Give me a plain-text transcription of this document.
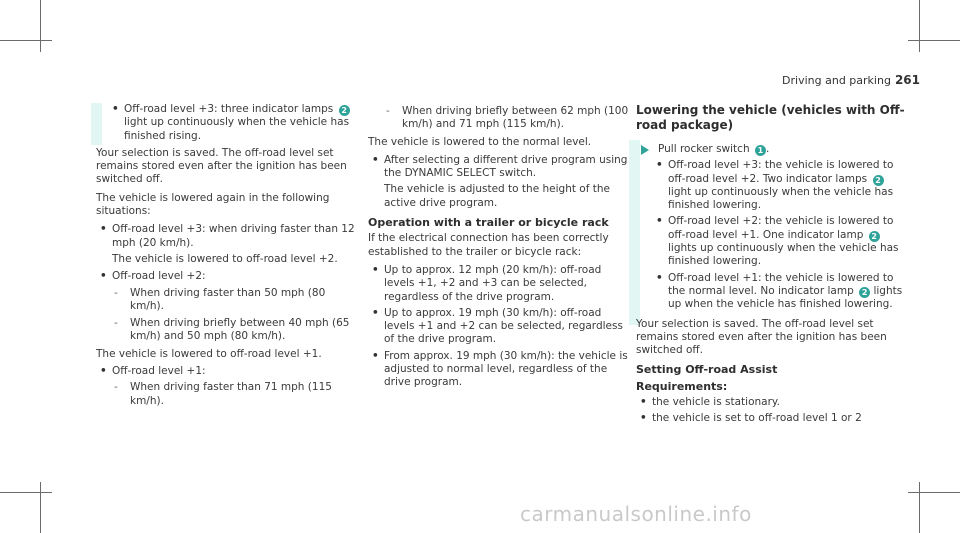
Driving and parking 261
• Off-road level +3: three indicator lamps 2 light up continuously when the vehicle has finished rising.

Your selection is saved. The off-road level set remains stored even after the ignition has been switched off.

The vehicle is lowered again in the following situations:

• Off-road level +3: when driving faster than 12 mph (20 km/h).
The vehicle is lowered to off-road level +2.
• Off-road level +2:
- When driving faster than 50 mph (80 km/h).
- When driving briefly between 40 mph (65 km/h) and 50 mph (80 km/h).
The vehicle is lowered to off-road level +1.
• Off-road level +1:
- When driving faster than 71 mph (115 km/h).
- When driving briefly between 62 mph (100 km/h) and 71 mph (115 km/h).

The vehicle is lowered to the normal level.

• After selecting a different drive program using the DYNAMIC SELECT switch.
The vehicle is adjusted to the height of the active drive program.
Operation with a trailer or bicycle rack

If the electrical connection has been correctly established to the trailer or bicycle rack:

• Up to approx. 12 mph (20 km/h): off-road levels +1, +2 and +3 can be selected, regardless of the drive program.
• Up to approx. 19 mph (30 km/h): off-road levels +1 and +2 can be selected, regardless of the drive program.
• From approx. 19 mph (30 km/h): the vehicle is adjusted to normal level, regardless of the drive program.
Lowering the vehicle (vehicles with Off-road package)
Pull rocker switch 1 .
• Off-road level +3: the vehicle is lowered to off-road level +2. Two indicator lamps 2 light up continuously when the vehicle has finished lowering.
• Off-road level +2: the vehicle is lowered to off-road level +1. One indicator lamp 2 lights up continuously when the vehicle has finished lowering.
• Off-road level +1: the vehicle is lowered to the normal level. No indicator lamp 2 lights up when the vehicle has finished lowering.

Your selection is saved. The off-road level set remains stored even after the ignition has been switched off.

Setting Off-road Assist
Requirements:
• the vehicle is stationary.
• the vehicle is set to off-road level 1 or 2
carmanualsonline.info
